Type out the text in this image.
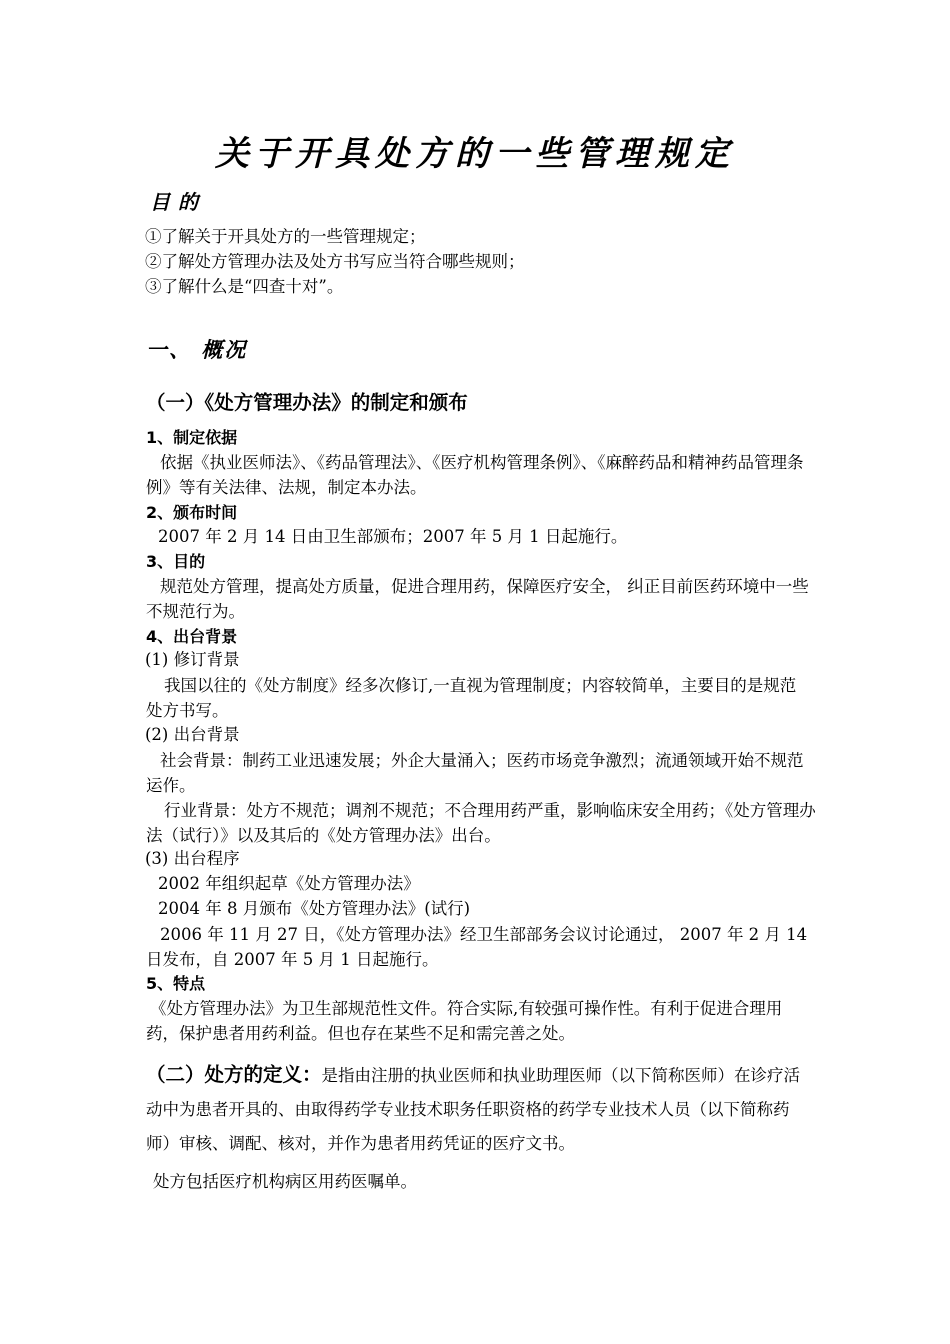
关于开具处方的一些管理规定
目的
①了解关于开具处方的一些管理规定；
②了解处方管理办法及处方书写应当符合哪些规则；
③了解什么是“四查十对”。
一、 概况
（一）《处方管理办法》的制定和颁布
1、制定依据
依据《执业医师法》、《药品管理法》、《医疗机构管理条例》、《麻醉药品和精神药品管理条例》等有关法律、法规，制定本办法。
2、颁布时间
2007 年 2 月 14 日由卫生部颁布；2007 年 5 月 1 日起施行。
3、目的
规范处方管理，提高处方质量，促进合理用药，保障医疗安全， 纠正目前医药环境中一些不规范行为。
4、出台背景
(1) 修订背景
我国以往的《处方制度》经多次修订,一直视为管理制度；内容较简单，主要目的是规范处方书写。
(2) 出台背景
社会背景：制药工业迅速发展；外企大量涌入；医药市场竞争激烈；流通领域开始不规范运作。
行业背景：处方不规范；调剂不规范；不合理用药严重，影响临床安全用药；《处方管理办法（试行）》以及其后的《处方管理办法》出台。
(3) 出台程序
2002 年组织起草《处方管理办法》
2004 年 8 月颁布《处方管理办法》(试行)
2006 年 11 月 27 日，《处方管理办法》经卫生部部务会议讨论通过， 2007 年 2 月 14 日发布，自 2007 年 5 月 1 日起施行。
5、特点
《处方管理办法》为卫生部规范性文件。符合实际,有较强可操作性。有利于促进合理用药，保护患者用药利益。但也存在某些不足和需完善之处。
（二）处方的定义：是指由注册的执业医师和执业助理医师（以下简称医师）在诊疗活动中为患者开具的、由取得药学专业技术职务任职资格的药学专业技术人员（以下简称药师）审核、调配、核对，并作为患者用药凭证的医疗文书。
处方包括医疗机构病区用药医嘱单。
